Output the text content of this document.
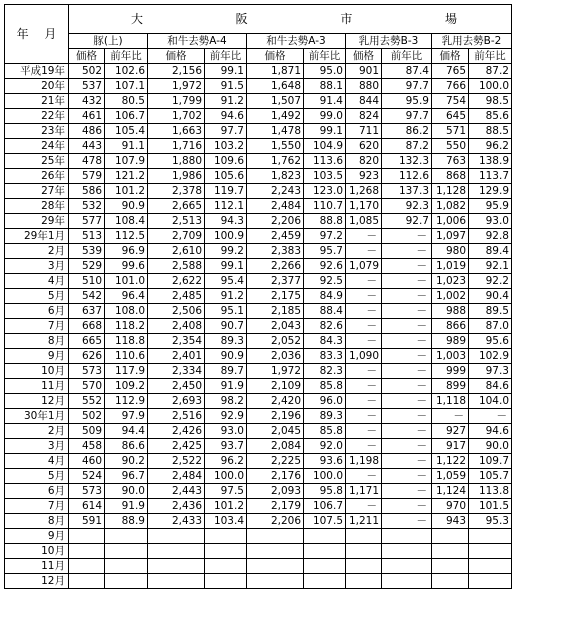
年　 月	大 阪 市 場									

	豚(上)		和牛去勢A-4		和牛去勢A-3		乳用去勢B-3		乳用去勢B-2	
	価格	前年比	価格	前年比	価格	前年比	価格	前年比	価格	前年比
平成19年	502	102.6	2,156	99.1	1,871	95.0	901	87.4	765	87.2
20年	537	107.1	1,972	91.5	1,648	88.1	880	97.7	766	100.0
21年	432	80.5	1,799	91.2	1,507	91.4	844	95.9	754	98.5
22年	461	106.7	1,702	94.6	1,492	99.0	824	97.7	645	85.6
23年	486	105.4	1,663	97.7	1,478	99.1	711	86.2	571	88.5
24年	443	91.1	1,716	103.2	1,550	104.9	620	87.2	550	96.2
25年	478	107.9	1,880	109.6	1,762	113.6	820	132.3	763	138.9
26年	579	121.2	1,986	105.6	1,823	103.5	923	112.6	868	113.7
27年	586	101.2	2,378	119.7	2,243	123.0	1,268	137.3	1,128	129.9
28年	532	90.9	2,665	112.1	2,484	110.7	1,170	92.3	1,082	95.9
29年	577	108.4	2,513	94.3	2,206	88.8	1,085	92.7	1,006	93.0
29年1月	513	112.5	2,709	100.9	2,459	97.2	－	－	1,097	92.8
2月	539	96.9	2,610	99.2	2,383	95.7	－	－	980	89.4
3月	529	99.6	2,588	99.1	2,266	92.6	1,079	－	1,019	92.1
4月	510	101.0	2,622	95.4	2,377	92.5	－	－	1,023	92.2
5月	542	96.4	2,485	91.2	2,175	84.9	－	－	1,002	90.4
6月	637	108.0	2,506	95.1	2,185	88.4	－	－	988	89.5
7月	668	118.2	2,408	90.7	2,043	82.6	－	－	866	87.0
8月	665	118.8	2,354	89.3	2,052	84.3	－	－	989	95.6
9月	626	110.6	2,401	90.9	2,036	83.3	1,090	－	1,003	102.9
10月	573	117.9	2,334	89.7	1,972	82.3	－	－	999	97.3
11月	570	109.2	2,450	91.9	2,109	85.8	－	－	899	84.6
12月	552	112.9	2,693	98.2	2,420	96.0	－	－	1,118	104.0
30年1月	502	97.9	2,516	92.9	2,196	89.3	－	－	－	－
2月	509	94.4	2,426	93.0	2,045	85.8	－	－	927	94.6
3月	458	86.6	2,425	93.7	2,084	92.0	－	－	917	90.0
4月	460	90.2	2,522	96.2	2,225	93.6	1,198	－	1,122	109.7
5月	524	96.7	2,484	100.0	2,176	100.0	－	－	1,059	105.7
6月	573	90.0	2,443	97.5	2,093	95.8	1,171	－	1,124	113.8
7月	614	91.9	2,436	101.2	2,179	106.7	－	－	970	101.5
8月	591	88.9	2,433	103.4	2,206	107.5	1,211	－	943	95.3
9月										
10月										
11月										
12月										
